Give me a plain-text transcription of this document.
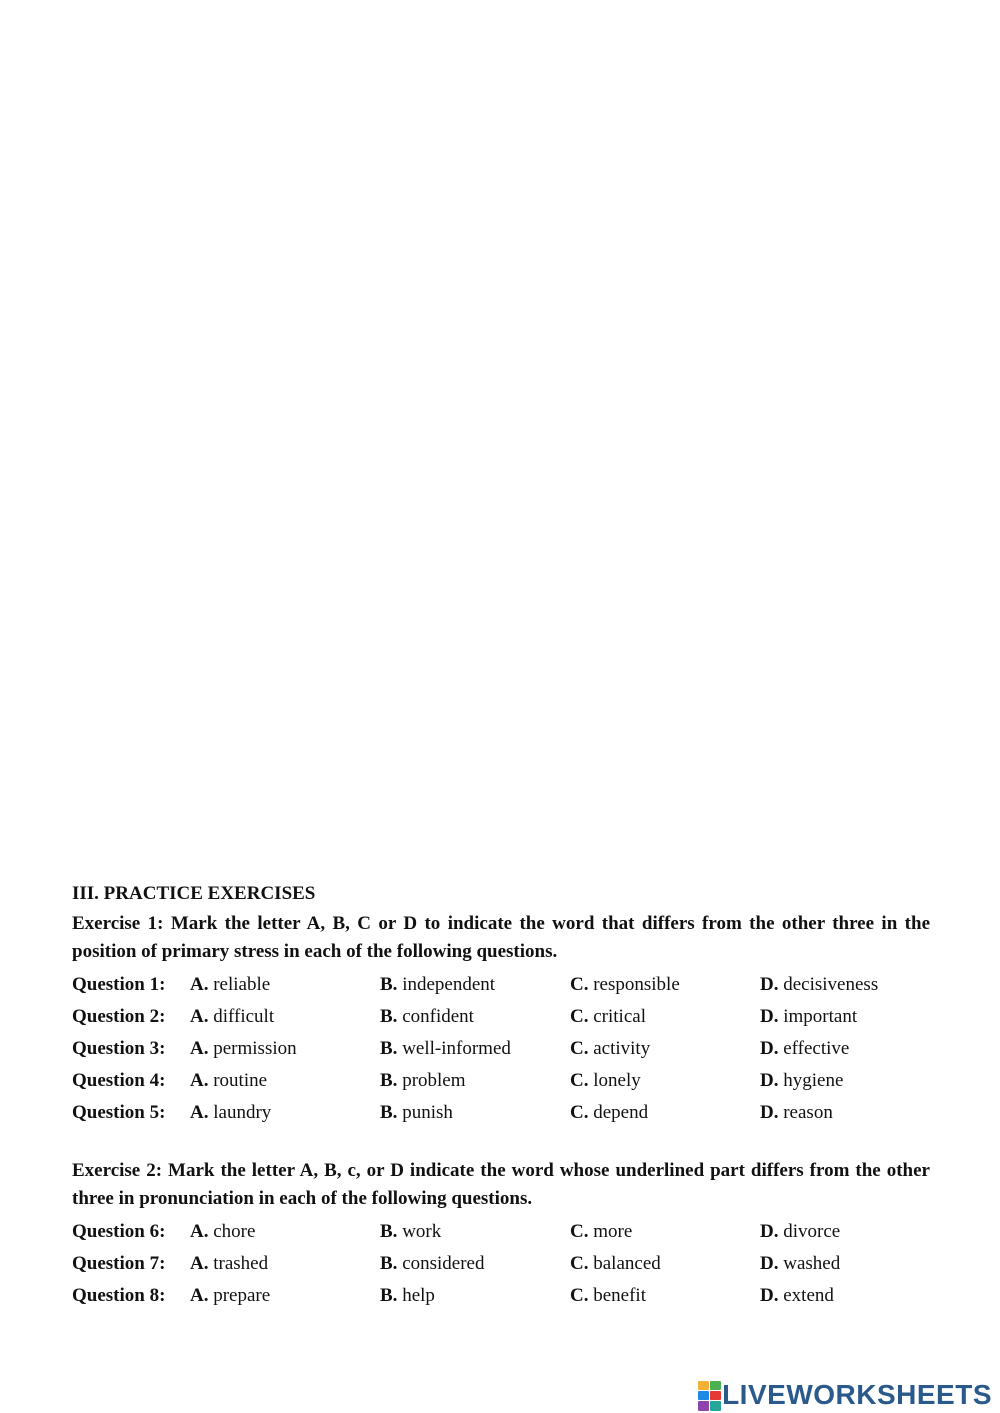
III. PRACTICE EXERCISES
Exercise 1: Mark the letter A, B, C or D to indicate the word that differs from the other three in the position of primary stress in each of the following questions.
Question 1:	A. reliable	B. independent	C. responsible	D. decisiveness
Question 2:	A. difficult	B. confident	C. critical	D. important
Question 3:	A. permission	B. well-informed	C. activity	D. effective
Question 4:	A. routine	B. problem	C. lonely	D. hygiene
Question 5:	A. laundry	B. punish	C. depend	D. reason
Exercise 2: Mark the letter A, B, c, or D indicate the word whose underlined part differs from the other three in pronunciation in each of the following questions.
Question 6:	A. chore	B. work	C. more	D. divorce
Question 7:	A. trashed	B. considered	C. balanced	D. washed
Question 8:	A. prepare	B. help	C. benefit	D. extend
LIVEWORKSHEETS
